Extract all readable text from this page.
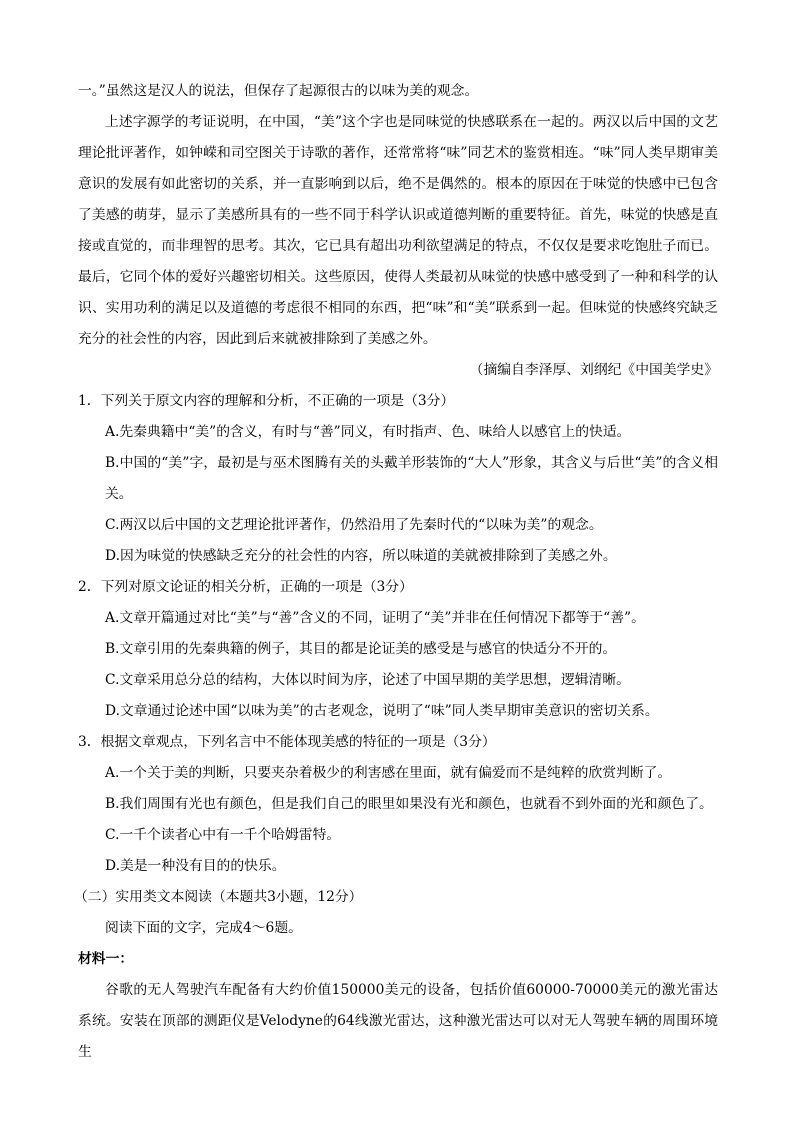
一。”虽然这是汉人的说法，但保存了起源很古的以味为美的观念。

上述字源学的考证说明，在中国，“美”这个字也是同味觉的快感联系在一起的。两汉以后中国的文艺理论批评著作，如钟嵘和司空图关于诗歌的著作，还常常将“味”同艺术的鉴赏相连。“味”同人类早期审美意识的发展有如此密切的关系，并一直影响到以后，绝不是偶然的。根本的原因在于味觉的快感中已包含了美感的萌芽，显示了美感所具有的一些不同于科学认识或道德判断的重要特征。首先，味觉的快感是直接或直觉的，而非理智的思考。其次，它已具有超出功利欲望满足的特点，不仅仅是要求吃饱肚子而已。最后，它同个体的爱好兴趣密切相关。这些原因，使得人类最初从味觉的快感中感受到了一种和科学的认识、实用功利的满足以及道德的考虑很不相同的东西，把“味”和“美”联系到一起。但味觉的快感终究缺乏充分的社会性的内容，因此到后来就被排除到了美感之外。

（摘编自李泽厚、刘纲纪《中国美学史》

1．下列关于原文内容的理解和分析，不正确的一项是（3分）

A.先秦典籍中“美”的含义，有时与“善”同义，有时指声、色、味给人以感官上的快适。

B.中国的“美”字，最初是与巫术图腾有关的头戴羊形装饰的“大人”形象，其含义与后世“美”的含义相关。

C.两汉以后中国的文艺理论批评著作，仍然沿用了先秦时代的“以味为美”的观念。

D.因为味觉的快感缺乏充分的社会性的内容，所以味道的美就被排除到了美感之外。

2．下列对原文论证的相关分析，正确的一项是（3分）

A.文章开篇通过对比“美”与“善”含义的不同，证明了“美”并非在任何情况下都等于“善”。

B.文章引用的先秦典籍的例子，其目的都是论证美的感受是与感官的快适分不开的。

C.文章采用总分总的结构，大体以时间为序，论述了中国早期的美学思想，逻辑清晰。

D.文章通过论述中国“以味为美”的古老观念，说明了“味”同人类早期审美意识的密切关系。

3．根据文章观点，下列名言中不能体现美感的特征的一项是（3分）

A.一个关于美的判断，只要夹杂着极少的利害感在里面，就有偏爱而不是纯粹的欣赏判断了。

B.我们周围有光也有颜色，但是我们自己的眼里如果没有光和颜色，也就看不到外面的光和颜色了。

C.一千个读者心中有一千个哈姆雷特。

D.美是一种没有目的的快乐。

（二）实用类文本阅读（本题共3小题，12分）

阅读下面的文字，完成4～6题。

材料一：

谷歌的无人驾驶汽车配备有大约价值150000美元的设备，包括价值60000-70000美元的激光雷达系统。安装在顶部的测距仪是Velodyne的64线激光雷达，这种激光雷达可以对无人驾驶车辆的周围环境生
